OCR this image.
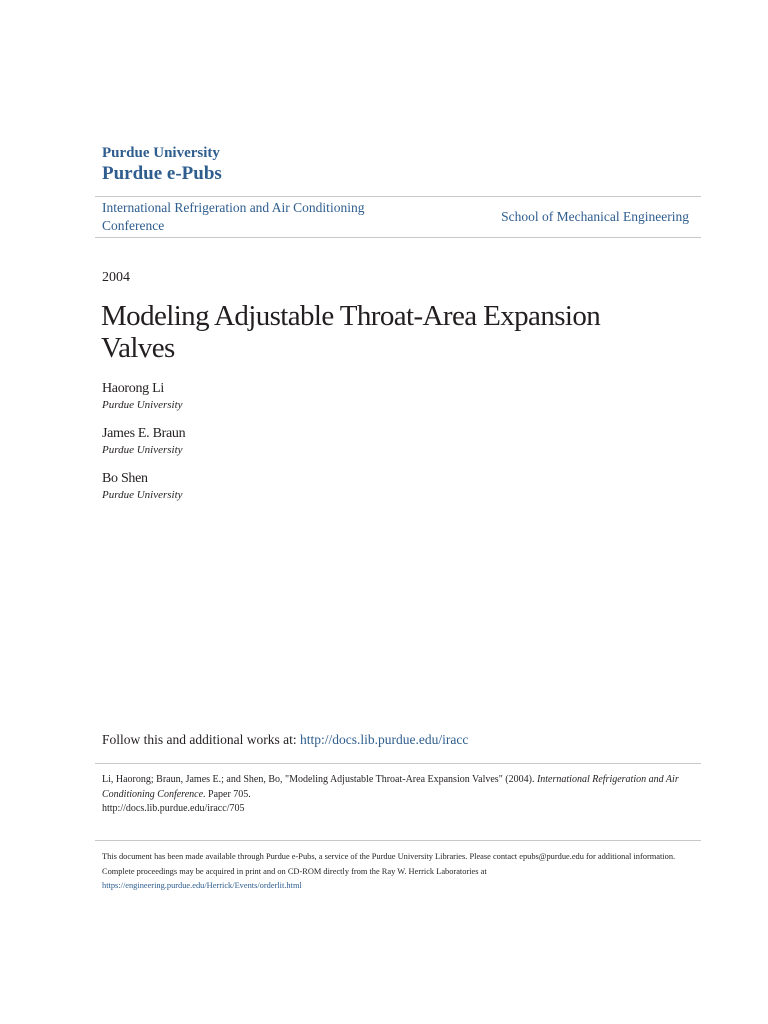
Purdue University
Purdue e-Pubs
International Refrigeration and Air Conditioning
Conference
School of Mechanical Engineering
2004
Modeling Adjustable Throat-Area Expansion Valves
Haorong Li
Purdue University
James E. Braun
Purdue University
Bo Shen
Purdue University
Follow this and additional works at: http://docs.lib.purdue.edu/iracc
Li, Haorong; Braun, James E.; and Shen, Bo, "Modeling Adjustable Throat-Area Expansion Valves" (2004). International Refrigeration and Air Conditioning Conference. Paper 705.
http://docs.lib.purdue.edu/iracc/705
This document has been made available through Purdue e-Pubs, a service of the Purdue University Libraries. Please contact epubs@purdue.edu for additional information.
Complete proceedings may be acquired in print and on CD-ROM directly from the Ray W. Herrick Laboratories at https://engineering.purdue.edu/Herrick/Events/orderlit.html
